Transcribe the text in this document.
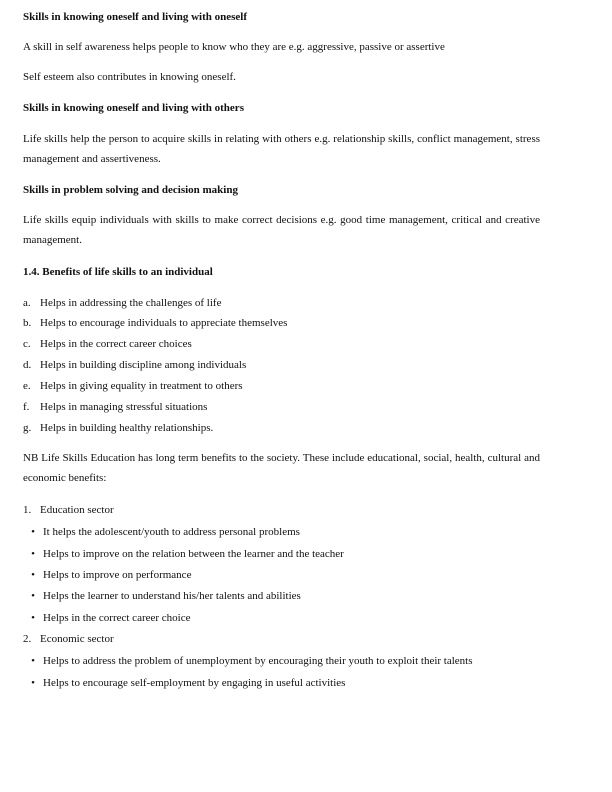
Skills in knowing oneself and living with oneself

A skill in self awareness helps people to know who they are e.g. aggressive, passive or assertive

Self esteem also contributes in knowing oneself.

Skills in knowing oneself and living with others

Life skills help the person to acquire skills in relating with others e.g. relationship skills, conflict management, stress management and assertiveness.

Skills in problem solving and decision making

Life skills equip individuals with skills to make correct decisions e.g. good time management, critical and creative management.

1.4. Benefits of life skills to an individual

a. Helps in addressing the challenges of life

b. Helps to encourage individuals to appreciate themselves

c. Helps in the correct career choices

d. Helps in building discipline among individuals

e. Helps in giving equality in treatment to others

f. Helps in managing stressful situations

g. Helps in building healthy relationships.

NB Life Skills Education has long term benefits to the society. These include educational, social, health, cultural and economic benefits:

1. Education sector

• It helps the adolescent/youth to address personal problems

• Helps to improve on the relation between the learner and the teacher

• Helps to improve on performance

• Helps the learner to understand his/her talents and abilities

• Helps in the correct career choice

2. Economic sector

• Helps to address the problem of unemployment by encouraging their youth to exploit their talents

• Helps to encourage self-employment by engaging in useful activities
